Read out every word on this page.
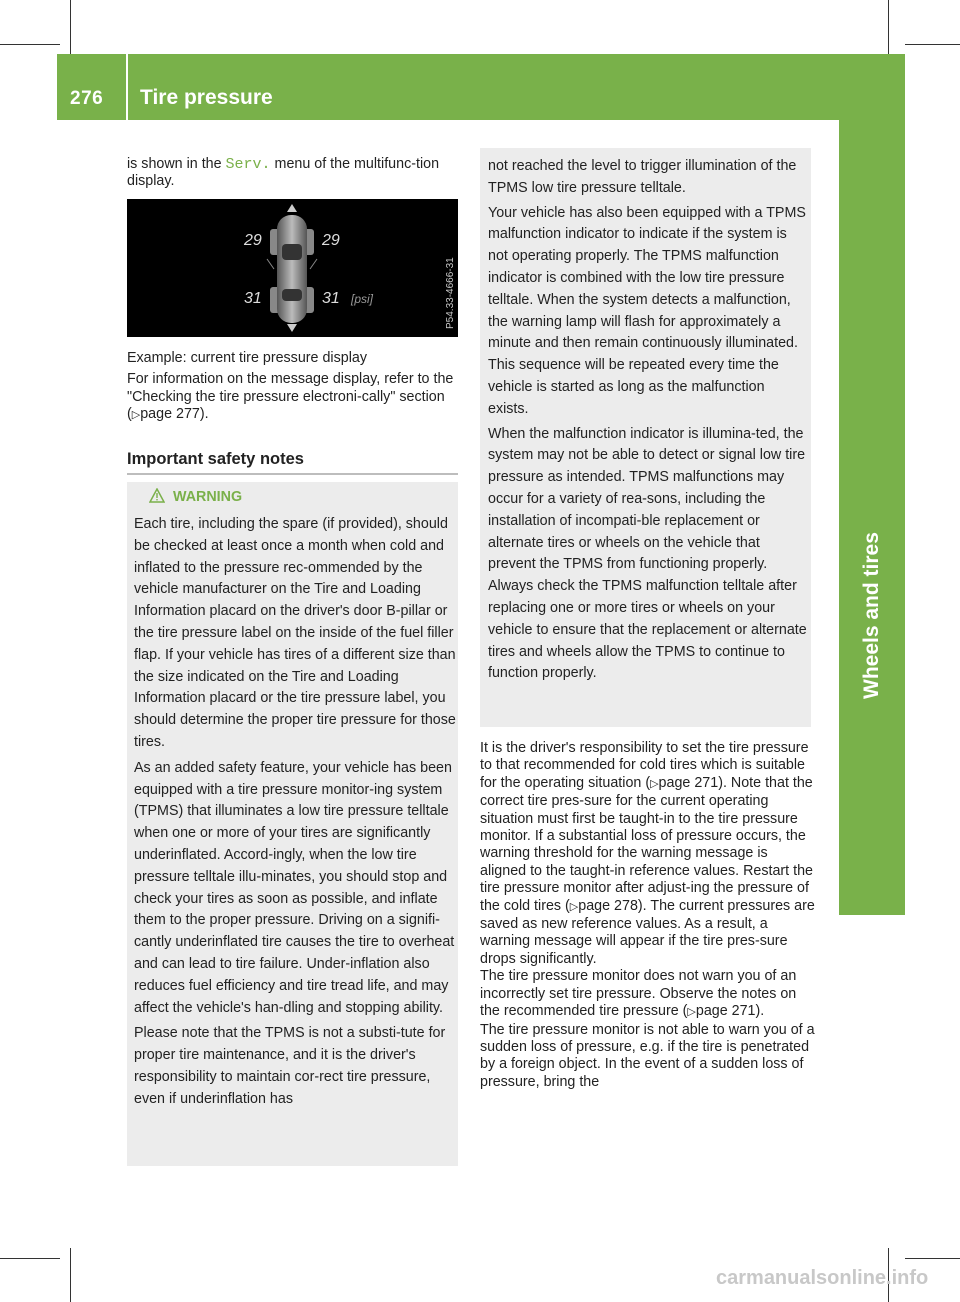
276 Tire pressure
is shown in the Serv. menu of the multifunc-tion display.
29	29
31	31 [psi]	P54.33-4666-31

Example: current tire pressure display

For information on the message display, refer to the "Checking the tire pressure electroni-cally" section (▷page 277).

Important safety notes
WARNING

Each tire, including the spare (if provided), should be checked at least once a month when cold and inflated to the pressure rec-ommended by the vehicle manufacturer on the Tire and Loading Information placard on the driver's door B-pillar or the tire pressure label on the inside of the fuel filler flap. If your vehicle has tires of a different size than the size indicated on the Tire and Loading Information placard or the tire pressure label, you should determine the proper tire pressure for those tires.

As an added safety feature, your vehicle has been equipped with a tire pressure monitor-ing system (TPMS) that illuminates a low tire pressure telltale when one or more of your tires are significantly underinflated. Accord-ingly, when the low tire pressure telltale illu-minates, you should stop and check your tires as soon as possible, and inflate them to the proper pressure. Driving on a signifi-cantly underinflated tire causes the tire to overheat and can lead to tire failure. Under-inflation also reduces fuel efficiency and tire tread life, and may affect the vehicle's han-dling and stopping ability.

Please note that the TPMS is not a substi-tute for proper tire maintenance, and it is the driver's responsibility to maintain cor-rect tire pressure, even if underinflation has

not reached the level to trigger illumination of the TPMS low tire pressure telltale.

Your vehicle has also been equipped with a TPMS malfunction indicator to indicate if the system is not operating properly. The TPMS malfunction indicator is combined with the low tire pressure telltale. When the system detects a malfunction, the warning lamp will flash for approximately a minute and then remain continuously illuminated. This sequence will be repeated every time the vehicle is started as long as the malfunction exists.

When the malfunction indicator is illumina-ted, the system may not be able to detect or signal low tire pressure as intended. TPMS malfunctions may occur for a variety of rea-sons, including the installation of incompati-ble replacement or alternate tires or wheels on the vehicle that prevent the TPMS from functioning properly. Always check the TPMS malfunction telltale after replacing one or more tires or wheels on your vehicle to ensure that the replacement or alternate tires and wheels allow the TPMS to continue to function properly.

It is the driver's responsibility to set the tire pressure to that recommended for cold tires which is suitable for the operating situation (▷page 271). Note that the correct tire pres-sure for the current operating situation must first be taught-in to the tire pressure monitor. If a substantial loss of pressure occurs, the warning threshold for the warning message is aligned to the taught-in reference values. Restart the tire pressure monitor after adjust-ing the pressure of the cold tires (▷page 278). The current pressures are saved as new reference values. As a result, a warning message will appear if the tire pres-sure drops significantly.

The tire pressure monitor does not warn you of an incorrectly set tire pressure. Observe the notes on the recommended tire pressure (▷page 271).

The tire pressure monitor is not able to warn you of a sudden loss of pressure, e.g. if the tire is penetrated by a foreign object. In the event of a sudden loss of pressure, bring the

carmanualsonline.info
